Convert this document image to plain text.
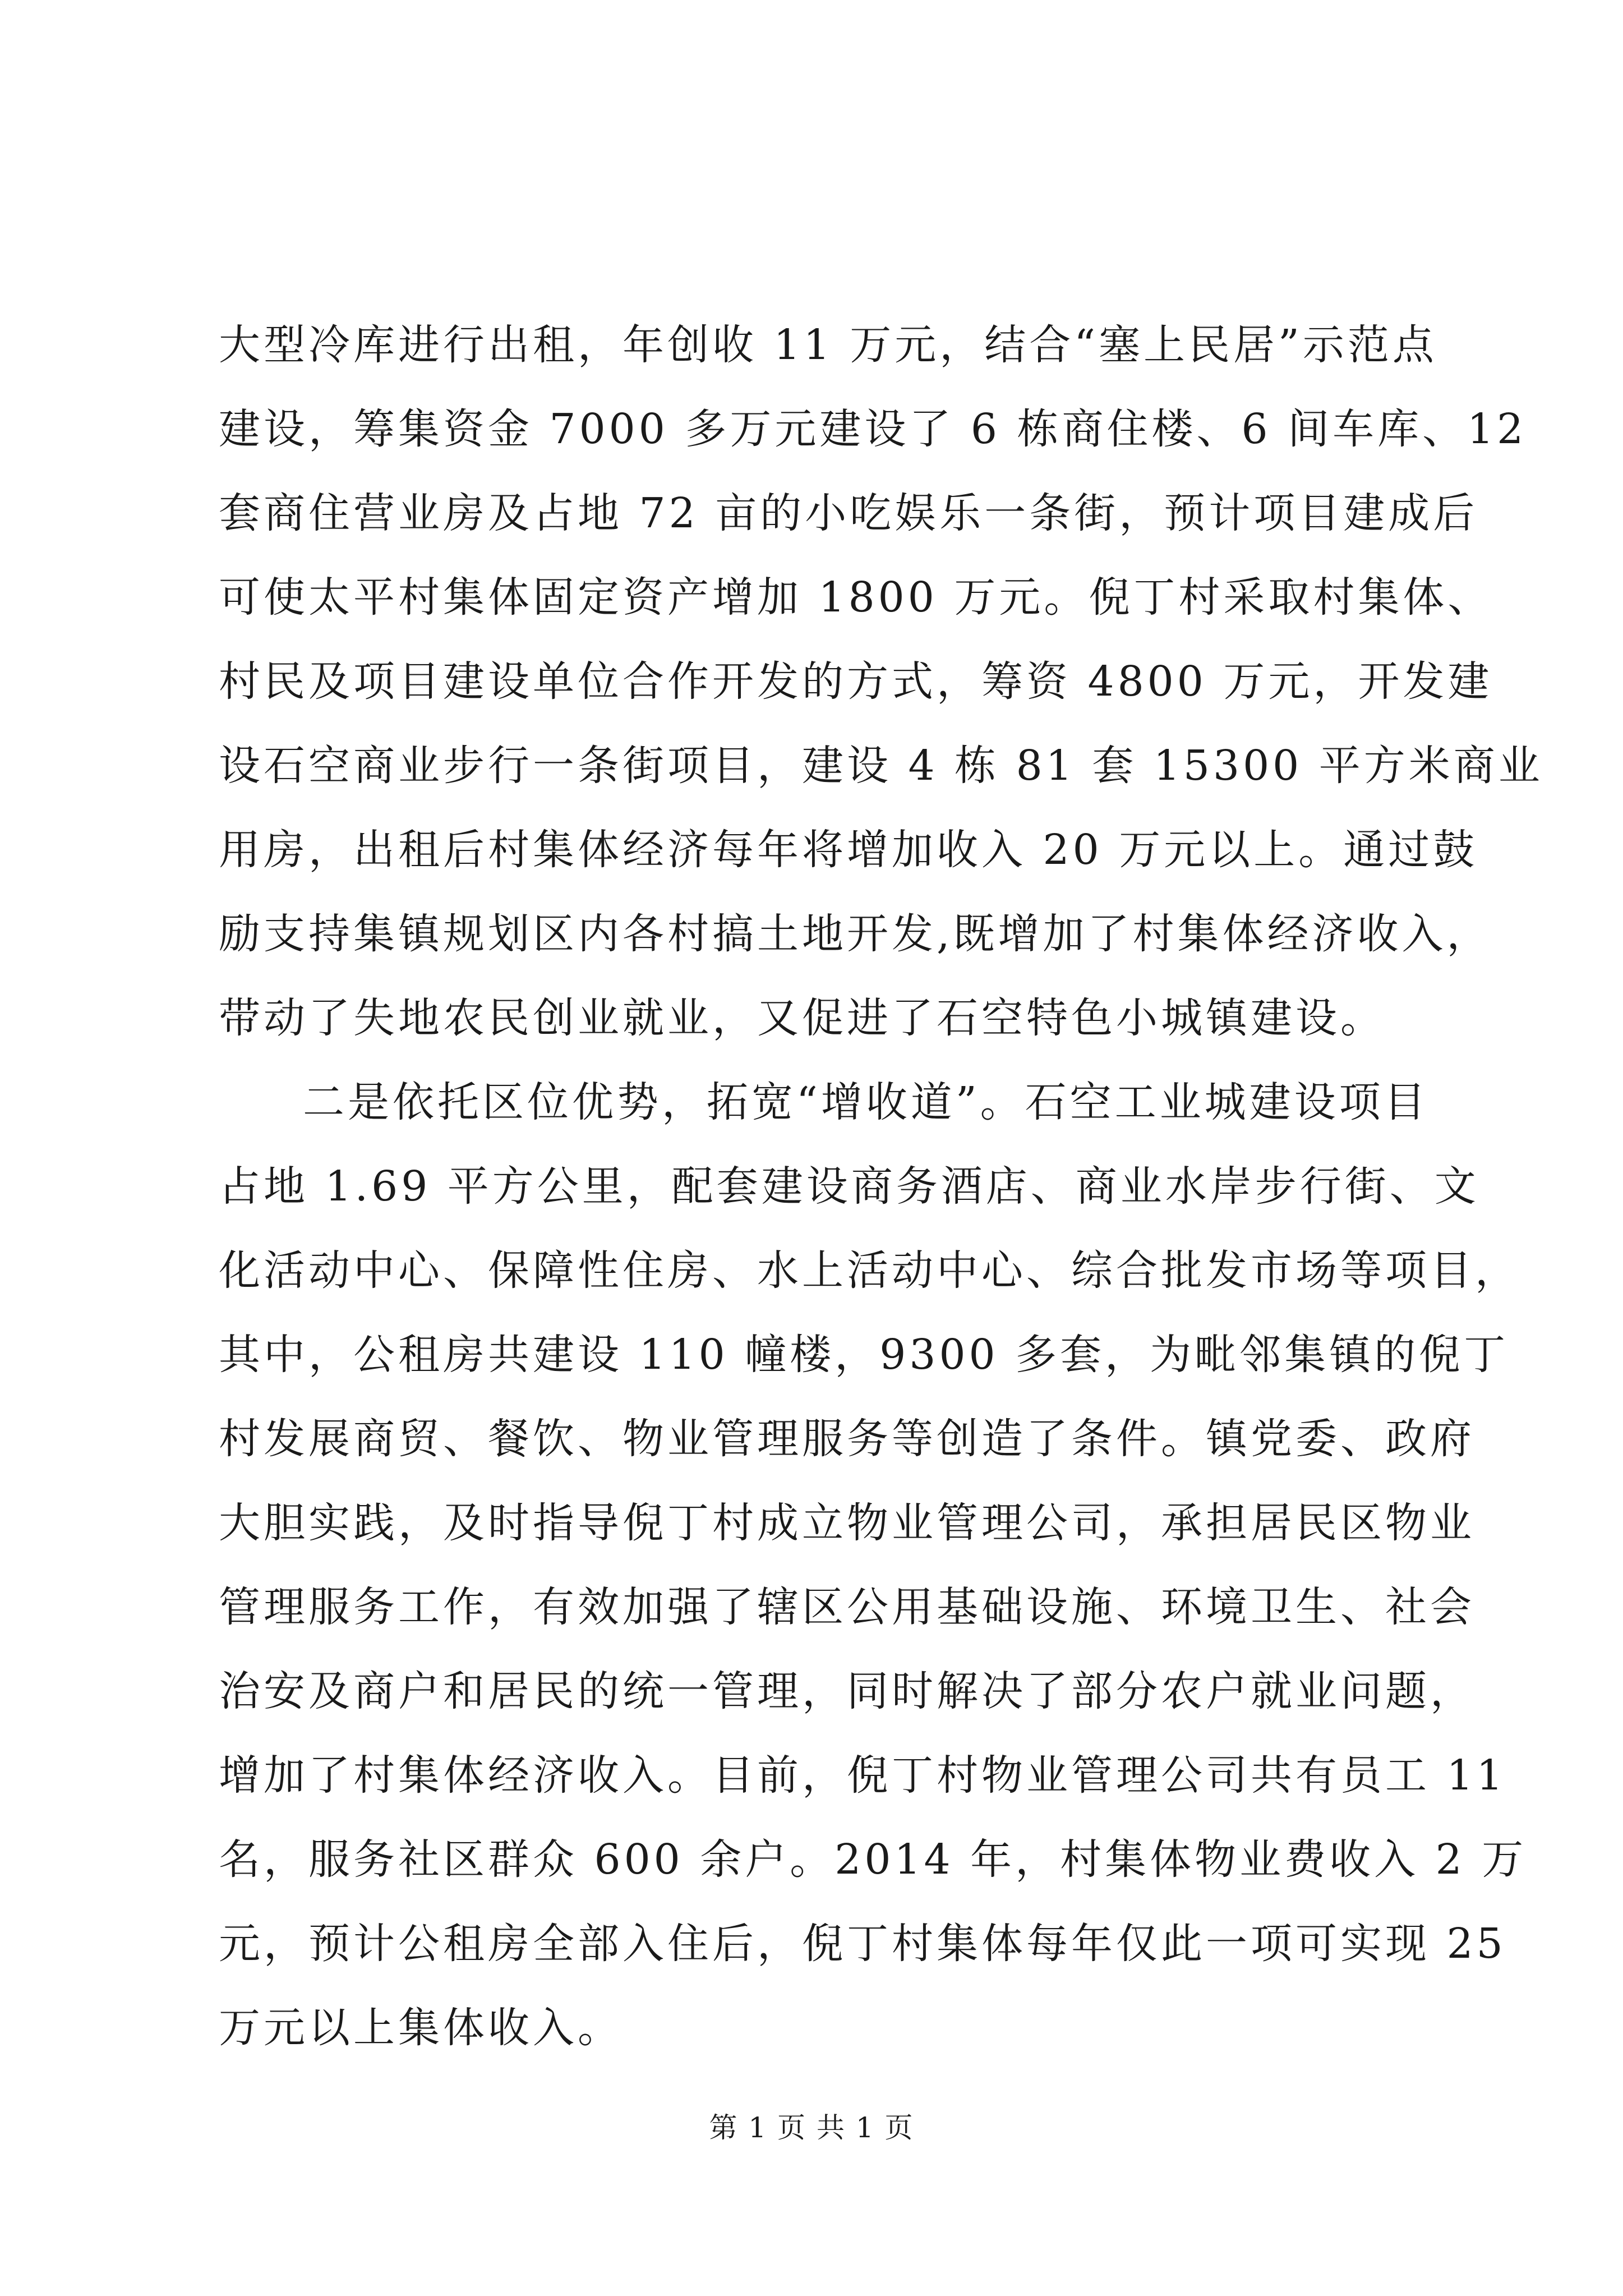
大型冷库进行出租，年创收 11 万元，结合“塞上民居”示范点
建设，筹集资金 7000 多万元建设了 6 栋商住楼、6 间车库、12
套商住营业房及占地 72 亩的小吃娱乐一条街，预计项目建成后
可使太平村集体固定资产增加 1800 万元。倪丁村采取村集体、
村民及项目建设单位合作开发的方式，筹资 4800 万元，开发建
设石空商业步行一条街项目，建设 4 栋 81 套 15300 平方米商业
用房，出租后村集体经济每年将增加收入 20 万元以上。通过鼓
励支持集镇规划区内各村搞土地开发,既增加了村集体经济收入，
带动了失地农民创业就业，又促进了石空特色小城镇建设。
二是依托区位优势，拓宽“增收道”。石空工业城建设项目
占地 1.69 平方公里，配套建设商务酒店、商业水岸步行街、文
化活动中心、保障性住房、水上活动中心、综合批发市场等项目，
其中，公租房共建设 110 幢楼，9300 多套，为毗邻集镇的倪丁
村发展商贸、餐饮、物业管理服务等创造了条件。镇党委、政府
大胆实践，及时指导倪丁村成立物业管理公司，承担居民区物业
管理服务工作，有效加强了辖区公用基础设施、环境卫生、社会
治安及商户和居民的统一管理，同时解决了部分农户就业问题，
增加了村集体经济收入。目前，倪丁村物业管理公司共有员工 11
名，服务社区群众 600 余户。2014 年，村集体物业费收入 2 万
元，预计公租房全部入住后，倪丁村集体每年仅此一项可实现 25
万元以上集体收入。
第 1 页 共 1 页
